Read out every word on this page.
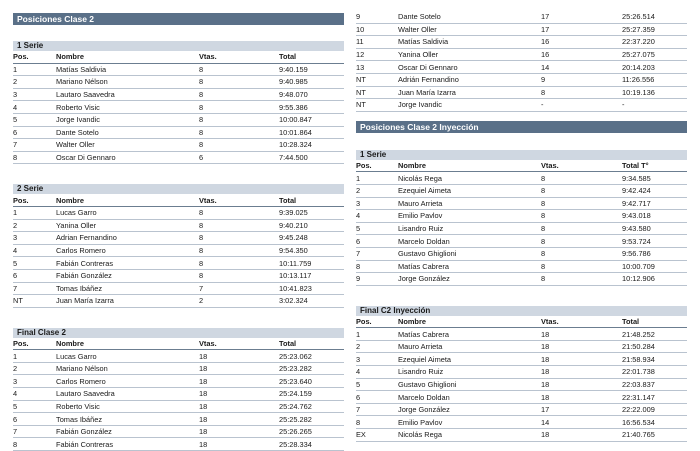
Posiciones Clase 2
1 Serie
Pos.	Nombre	Vtas.	Total
1	Matías Saldivia	8	9:40.159
2	Mariano Nélson	8	9:40.985
3	Lautaro Saavedra	8	9:48.070
4	Roberto Visic	8	9:55.386
5	Jorge Ivandic	8	10:00.847
6	Dante Sotelo	8	10:01.864
7	Walter Oller	8	10:28.324
8	Oscar Di Gennaro	6	7:44.500
2 Serie
Pos.	Nombre	Vtas.	Total
1	Lucas Garro	8	9:39.025
2	Yanina Oller	8	9:40.210
3	Adrian Fernandino	8	9:45.248
4	Carlos Romero	8	9:54.350
5	Fabián Contreras	8	10:11.759
6	Fabián González	8	10:13.117
7	Tomas Ibáñez	7	10:41.823
NT	Juan María Izarra	2	3:02.324
Final Clase 2
Pos.	Nombre	Vtas.	Total
1	Lucas Garro	18	25:23.062
2	Mariano Nélson	18	25:23.282
3	Carlos Romero	18	25:23.640
4	Lautaro Saavedra	18	25:24.159
5	Roberto Visic	18	25:24.762
6	Tomas Ibáñez	18	25:25.282
7	Fabián González	18	25:26.265
8	Fabián Contreras	18	25:28.334
9	Dante Sotelo	17	25:26.514
10	Walter Oller	17	25:27.359
11	Matías Saldivia	16	22:37.220
12	Yanina Oller	16	25:27.075
13	Oscar Di Gennaro	14	20:14.203
NT	Adrián Fernandino	9	11:26.556
NT	Juan María Izarra	8	10:19.136
NT	Jorge Ivandic	-	-
Posiciones Clase 2 Inyección
1 Serie
Pos.	Nombre	Vtas.	Total T°
1	Nicolás Rega	8	9:34.585
2	Ezequiel Aimeta	8	9:42.424
3	Mauro Arrieta	8	9:42.717
4	Emilio Pavlov	8	9:43.018
5	Lisandro Ruiz	8	9:43.580
6	Marcelo Doldan	8	9:53.724
7	Gustavo Ghiglioni	8	9:56.786
8	Matías Cabrera	8	10:00.709
9	Jorge González	8	10:12.906
Final C2 Inyección
Pos.	Nombre	Vtas.	Total
1	Matías Cabrera	18	21:48.252
2	Mauro Arrieta	18	21:50.284
3	Ezequiel Aimeta	18	21:58.934
4	Lisandro Ruiz	18	22:01.738
5	Gustavo Ghiglioni	18	22:03.837
6	Marcelo Doldan	18	22:31.147
7	Jorge González	17	22:22.009
8	Emilio Pavlov	14	16:56.534
EX	Nicolás Rega	18	21:40.765
